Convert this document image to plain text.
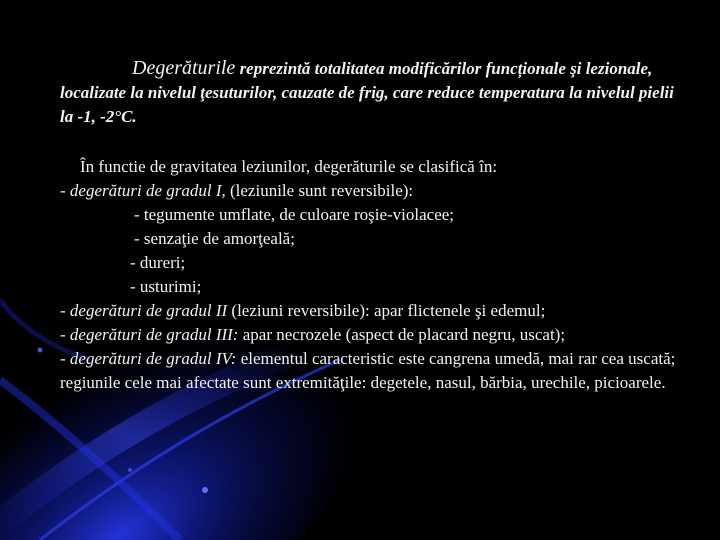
Degerăturile reprezintă totalitatea modificărilor funcționale şi lezionale, localizate la nivelul ţesuturilor, cauzate de frig, care reduce temperatura la nivelul pielii la -1, -2°C.

În functie de gravitatea leziunilor, degerăturile se clasifică în:

- degerături de gradul I, (leziunile sunt reversibile):

- tegumente umflate, de culoare roşie-violacee;

- senzaţie de amorţeală;

- dureri;

- usturimi;

- degerături de gradul II (leziuni reversibile): apar flictenele şi edemul;

- degerături de gradul III: apar necrozele (aspect de placard negru, uscat);

- degerături de gradul IV: elementul caracteristic este cangrena umedă, mai rar cea uscată; regiunile cele mai afectate sunt extremităţile: degetele, nasul, bărbia, urechile, picioarele.
